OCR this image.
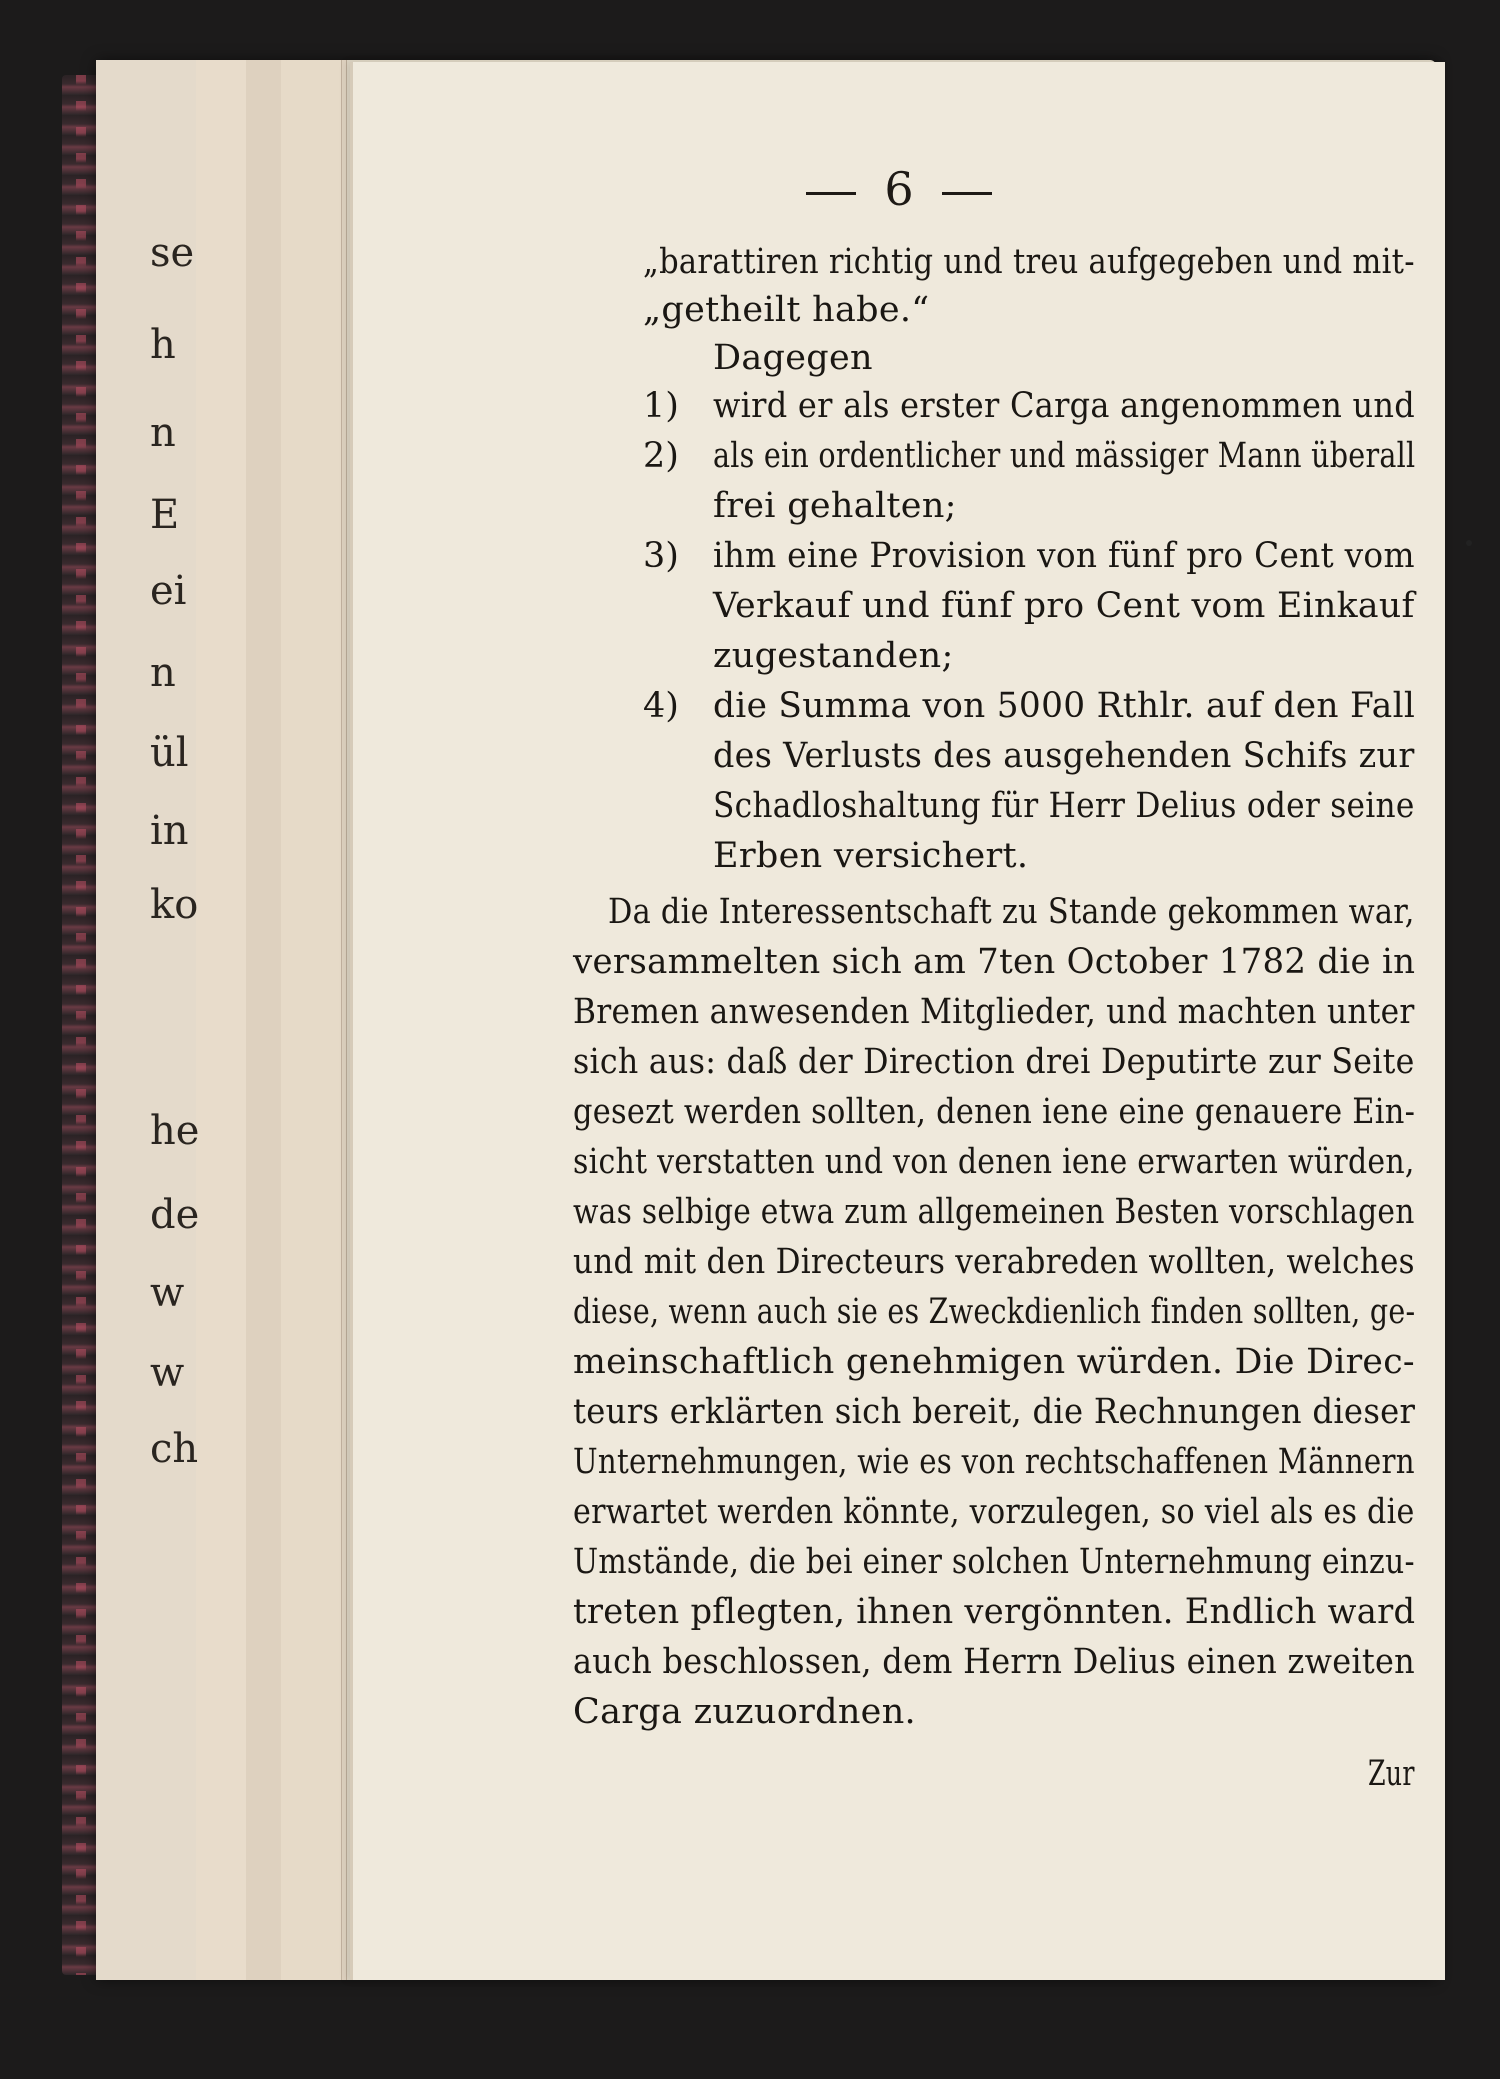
se
h
n
E
ei
n
ül
in
ko
he
de
w
w
ch
6
„barattiren richtig und treu aufgegeben und mit-
„getheilt habe.“
Dagegen
1) wird er als erster Carga angenommen und
2) als ein ordentlicher und mässiger Mann überall
frei gehalten;
3) ihm eine Provision von fünf pro Cent vom
Verkauf und fünf pro Cent vom Einkauf
zugestanden;
4) die Summa von 5000 Rthlr. auf den Fall
des Verlusts des ausgehenden Schifs zur
Schadloshaltung für Herr Delius oder seine
Erben versichert.
Da die Interessentschaft zu Stande gekommen war,
versammelten sich am 7ten October 1782 die in
Bremen anwesenden Mitglieder, und machten unter
sich aus: daß der Direction drei Deputirte zur Seite
gesezt werden sollten, denen iene eine genauere Ein-
sicht verstatten und von denen iene erwarten würden,
was selbige etwa zum allgemeinen Besten vorschlagen
und mit den Directeurs verabreden wollten, welches
diese, wenn auch sie es Zweckdienlich finden sollten, ge-
meinschaftlich genehmigen würden. Die Direc-
teurs erklärten sich bereit, die Rechnungen dieser
Unternehmungen, wie es von rechtschaffenen Männern
erwartet werden könnte, vorzulegen, so viel als es die
Umstände, die bei einer solchen Unternehmung einzu-
treten pflegten, ihnen vergönnten. Endlich ward
auch beschlossen, dem Herrn Delius einen zweiten
Carga zuzuordnen.
Zur
